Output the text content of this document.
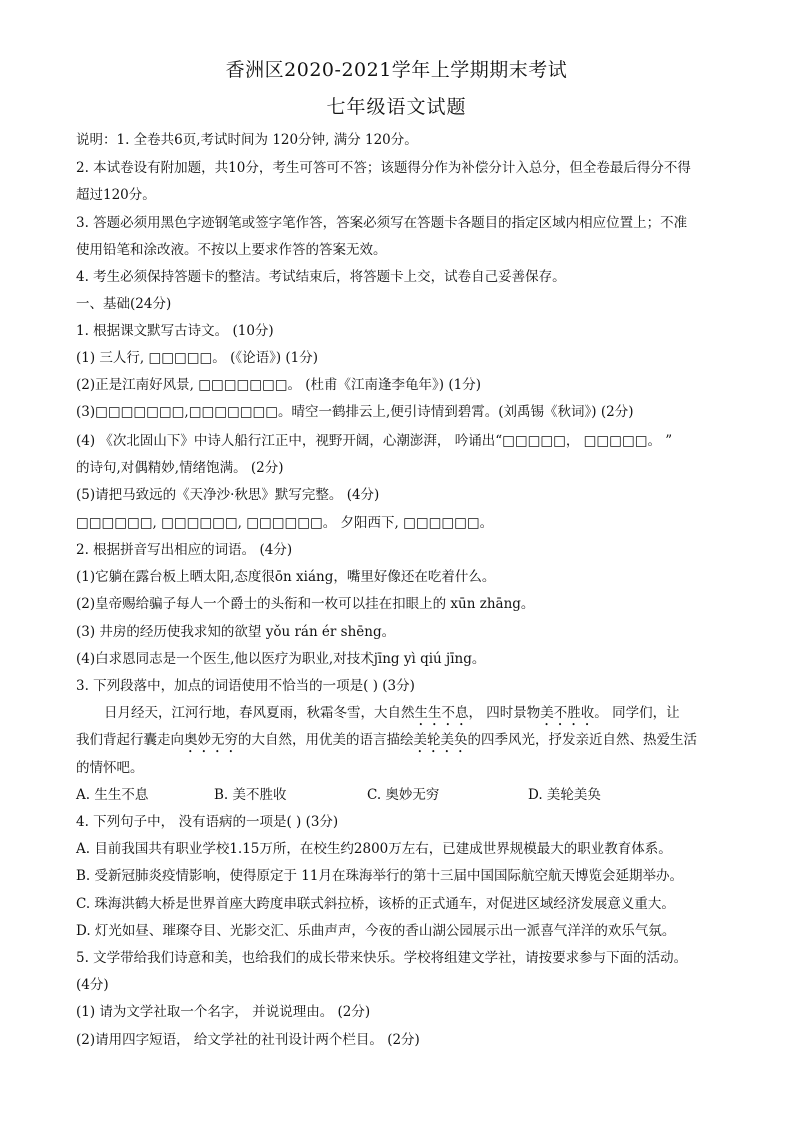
香洲区2020-2021学年上学期期末考试
七年级语文试题
说明：1. 全卷共6页,考试时间为 120分钟, 满分 120分。
2. 本试卷设有附加题，共10分，考生可答可不答；该题得分作为补偿分计入总分，但全卷最后得分不得
超过120分。
3. 答题必须用黑色字迹钢笔或签字笔作答，答案必须写在答题卡各题目的指定区域内相应位置上；不准
使用铅笔和涂改液。不按以上要求作答的答案无效。
4. 考生必须保持答题卡的整洁。考试结束后，将答题卡上交，试卷自己妥善保存。
一、基础(24分)
1. 根据课文默写古诗文。 (10分)
(1) 三人行, □□□□□。 (《论语》) (1分)
(2)正是江南好风景, □□□□□□□。 (杜甫《江南逢李龟年》) (1分)
(3)□□□□□□□,□□□□□□□。晴空一鹤排云上,便引诗情到碧霄。(刘禹锡《秋词》) (2分)
(4) 《次北固山下》中诗人船行江正中，视野开阔，心潮澎湃， 吟诵出“□□□□□， □□□□□。 ”
的诗句,对偶精妙,情绪饱满。 (2分)
(5)请把马致远的《天净沙·秋思》默写完整。 (4分)
□□□□□□, □□□□□□, □□□□□□。 夕阳西下, □□□□□□。
2. 根据拼音写出相应的词语。 (4分)
(1)它躺在露台板上晒太阳,态度很ōn xiáng，嘴里好像还在吃着什么。
(2)皇帝赐给骗子每人一个爵士的头衔和一枚可以挂在扣眼上的 xūn zhāng。
(3) 井房的经历使我求知的欲望 yǒu rán ér shēng。
(4)白求恩同志是一个医生,他以医疗为职业,对技术jīng yì qiú jīng。
3. 下列段落中，加点的词语使用不恰当的一项是( ) (3分)
日月经天，江河行地，春风夏雨，秋霜冬雪，大自然生生不息， 四时景物美不胜收。 同学们，让
我们背起行囊走向奥妙无穷的大自然，用优美的语言描绘美轮美奂的四季风光，抒发亲近自然、热爱生活
的情怀吧。
A. 生生不息	B. 美不胜收	C. 奥妙无穷	D. 美轮美奂
4. 下列句子中， 没有语病的一项是( ) (3分)
A. 目前我国共有职业学校1.15万所，在校生约2800万左右，已建成世界规模最大的职业教育体系。
B. 受新冠肺炎疫情影响，使得原定于 11月在珠海举行的第十三届中国国际航空航天博览会延期举办。
C. 珠海洪鹤大桥是世界首座大跨度串联式斜拉桥，该桥的正式通车，对促进区域经济发展意义重大。
D. 灯光如昼、璀璨夺目、光影交汇、乐曲声声，今夜的香山湖公园展示出一派喜气洋洋的欢乐气氛。
5. 文学带给我们诗意和美，也给我们的成长带来快乐。学校将组建文学社，请按要求参与下面的活动。
(4分)
(1) 请为文学社取一个名字， 并说说理由。 (2分)
(2)请用四字短语， 给文学社的社刊设计两个栏目。 (2分)
